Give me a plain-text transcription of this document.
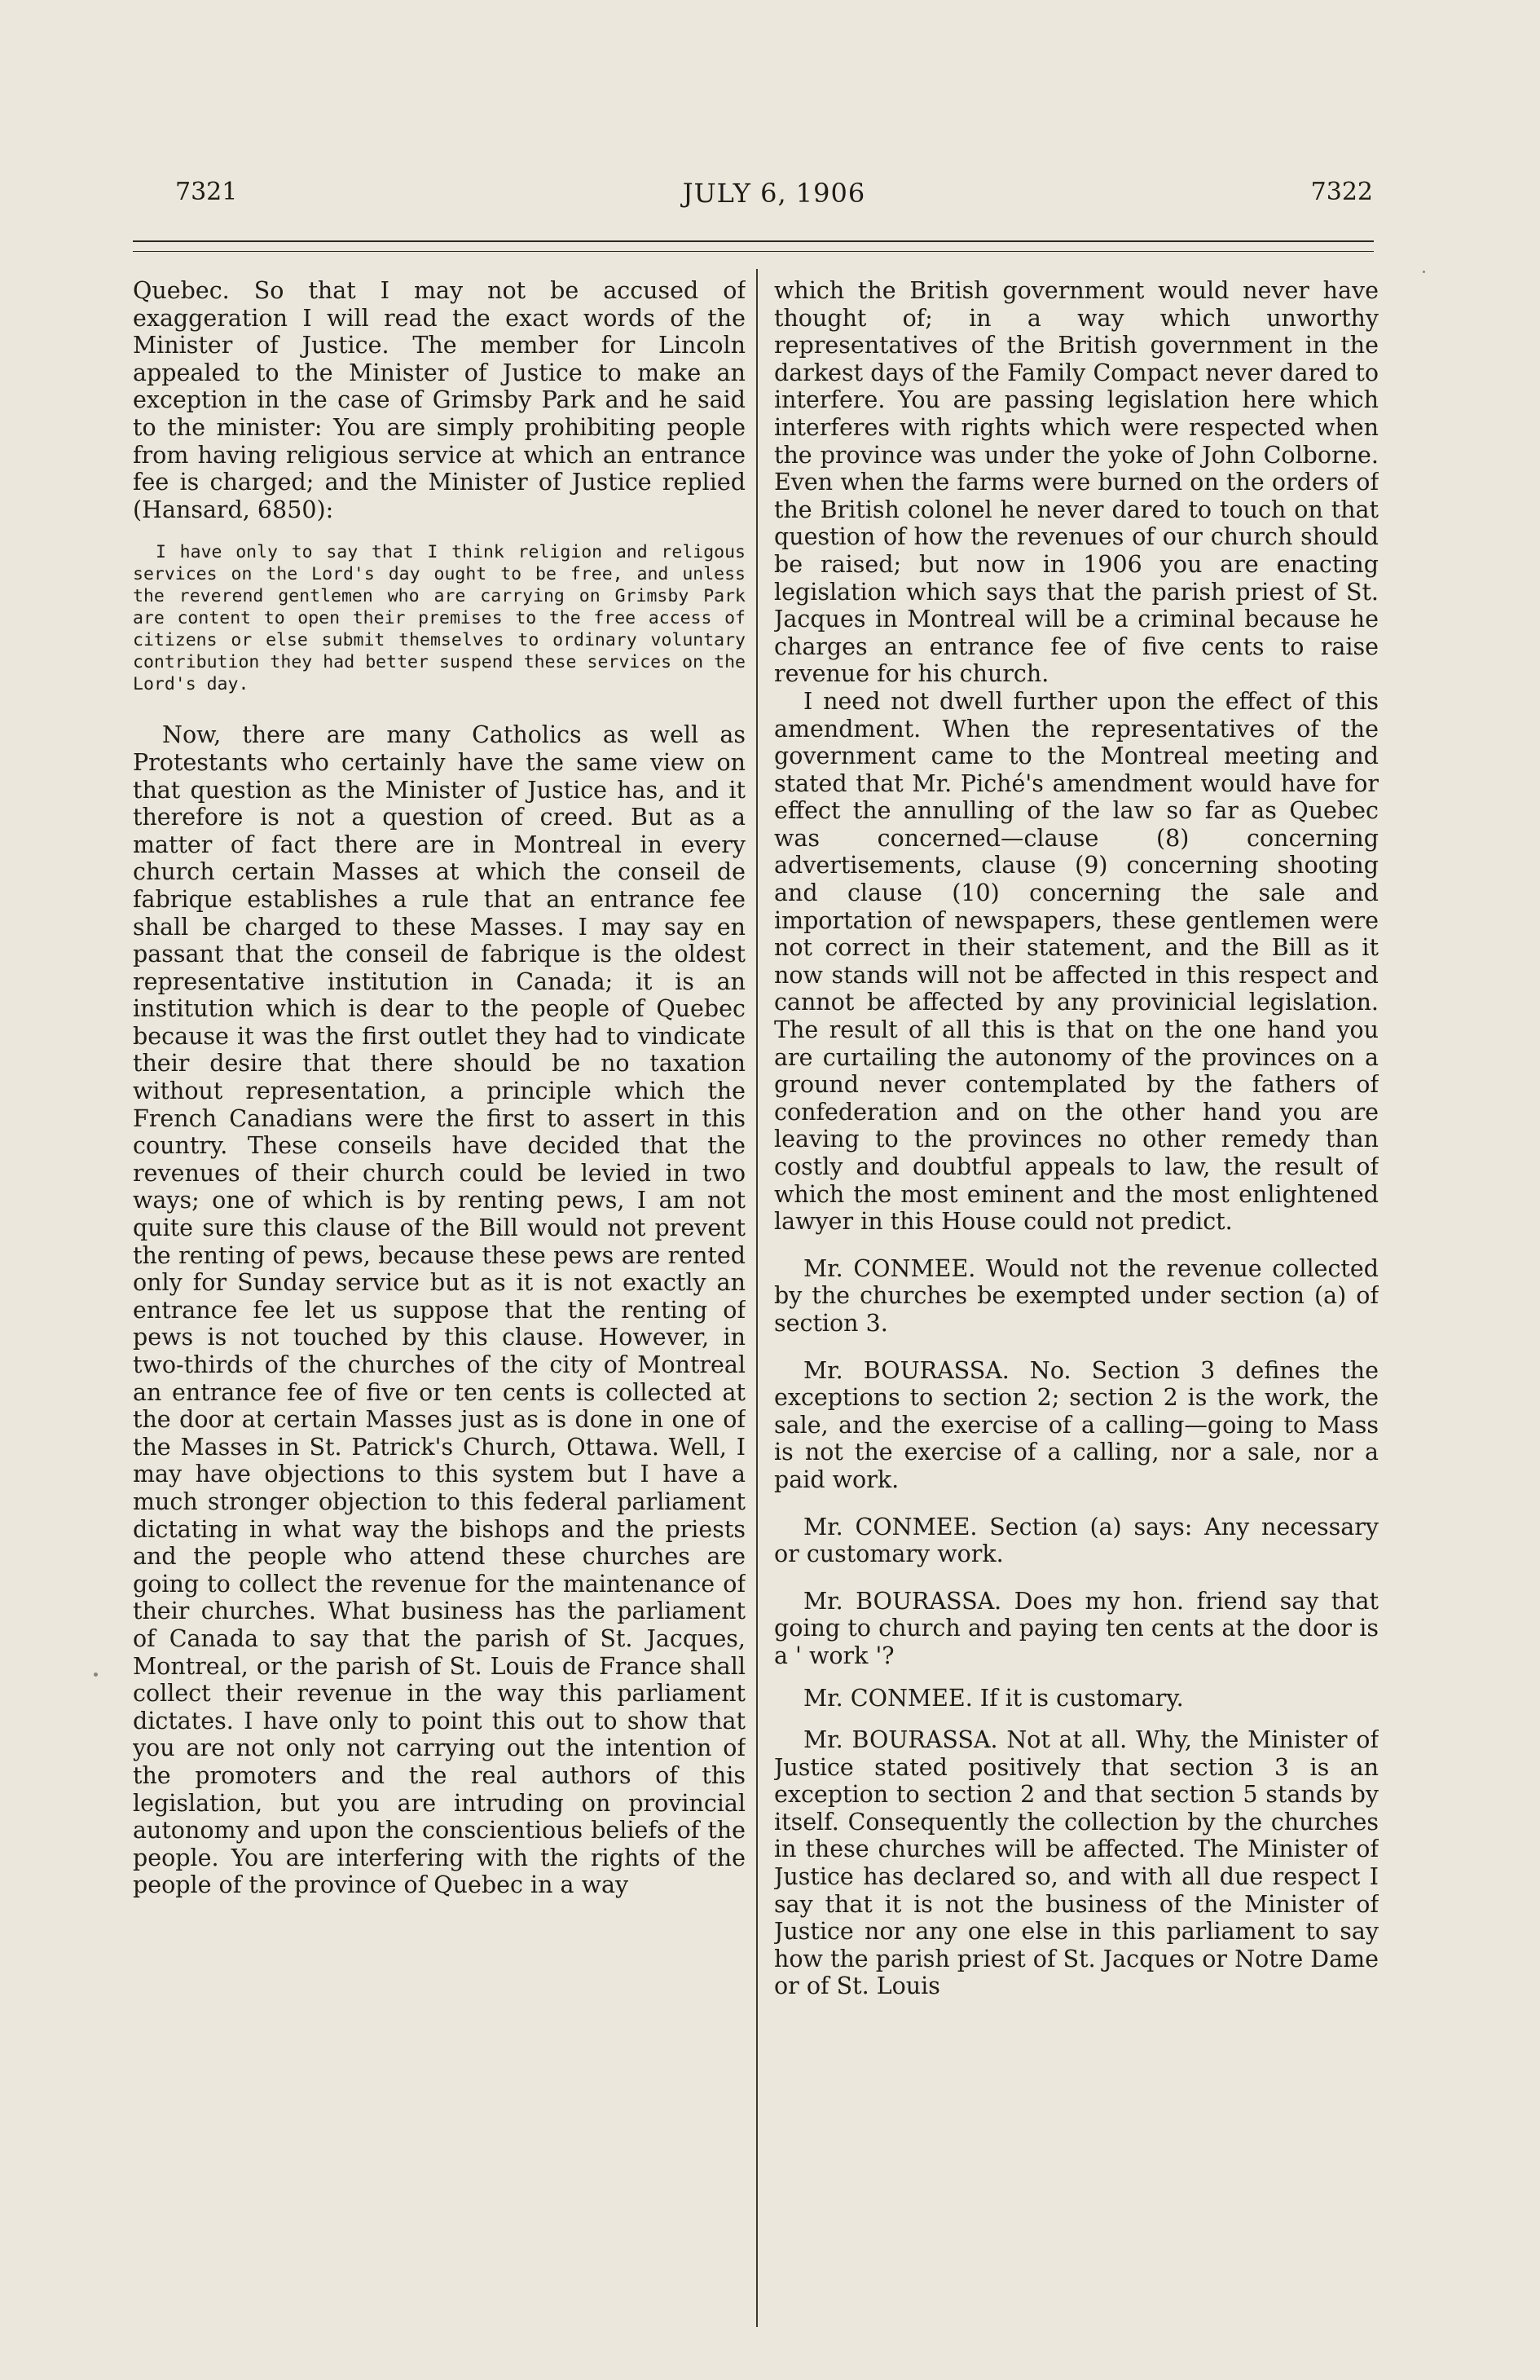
7321	JULY 6, 1906	7322

Quebec. So that I may not be accused of exaggeration I will read the exact words of the Minister of Justice. The member for Lincoln appealed to the Minister of Justice to make an exception in the case of Grimsby Park and he said to the minister: You are simply prohibiting people from having religious service at which an entrance fee is charged; and the Minister of Justice replied (Hansard, 6850):

I have only to say that I think religion and religous services on the Lord's day ought to be free, and unless the reverend gentlemen who are carrying on Grimsby Park are content to open their premises to the free access of citizens or else submit themselves to ordinary voluntary contribution they had better suspend these services on the Lord's day.

Now, there are many Catholics as well as Protestants who certainly have the same view on that question as the Minister of Justice has, and it therefore is not a question of creed. But as a matter of fact there are in Montreal in every church certain Masses at which the conseil de fabrique establishes a rule that an entrance fee shall be charged to these Masses. I may say en passant that the conseil de fabrique is the oldest representative institution in Canada; it is an institution which is dear to the people of Quebec because it was the first outlet they had to vindicate their desire that there should be no taxation without representation, a principle which the French Canadians were the first to assert in this country. These conseils have decided that the revenues of their church could be levied in two ways; one of which is by renting pews, I am not quite sure this clause of the Bill would not prevent the renting of pews, because these pews are rented only for Sunday service but as it is not exactly an entrance fee let us suppose that the renting of pews is not touched by this clause. However, in two-thirds of the churches of the city of Montreal an entrance fee of five or ten cents is collected at the door at certain Masses just as is done in one of the Masses in St. Patrick's Church, Ottawa. Well, I may have objections to this system but I have a much stronger objection to this federal parliament dictating in what way the bishops and the priests and the people who attend these churches are going to collect the revenue for the maintenance of their churches. What business has the parliament of Canada to say that the parish of St. Jacques, Montreal, or the parish of St. Louis de France shall collect their revenue in the way this parliament dictates. I have only to point this out to show that you are not only not carrying out the intention of the promoters and the real authors of this legislation, but you are intruding on provincial autonomy and upon the conscientious beliefs of the people. You are interfering with the rights of the people of the province of Quebec in a way

which the British government would never have thought of; in a way which unworthy representatives of the British government in the darkest days of the Family Compact never dared to interfere. You are passing legislation here which interferes with rights which were respected when the province was under the yoke of John Colborne. Even when the farms were burned on the orders of the British colonel he never dared to touch on that question of how the revenues of our church should be raised; but now in 1906 you are enacting legislation which says that the parish priest of St. Jacques in Montreal will be a criminal because he charges an entrance fee of five cents to raise revenue for his church.

I need not dwell further upon the effect of this amendment. When the representatives of the government came to the Montreal meeting and stated that Mr. Piché's amendment would have for effect the annulling of the law so far as Quebec was concerned—clause (8) concerning advertisements, clause (9) concerning shooting and clause (10) concerning the sale and importation of newspapers, these gentlemen were not correct in their statement, and the Bill as it now stands will not be affected in this respect and cannot be affected by any provinicial legislation. The result of all this is that on the one hand you are curtailing the autonomy of the provinces on a ground never contemplated by the fathers of confederation and on the other hand you are leaving to the provinces no other remedy than costly and doubtful appeals to law, the result of which the most eminent and the most enlightened lawyer in this House could not predict.

Mr. CONMEE. Would not the revenue collected by the churches be exempted under section (a) of section 3.

Mr. BOURASSA. No. Section 3 defines the exceptions to section 2; section 2 is the work, the sale, and the exercise of a calling—going to Mass is not the exercise of a calling, nor a sale, nor a paid work.

Mr. CONMEE. Section (a) says: Any necessary or customary work.

Mr. BOURASSA. Does my hon. friend say that going to church and paying ten cents at the door is a ' work '?

Mr. CONMEE. If it is customary.

Mr. BOURASSA. Not at all. Why, the Minister of Justice stated positively that section 3 is an exception to section 2 and that section 5 stands by itself. Consequently the collection by the churches in these churches will be affected. The Minister of Justice has declared so, and with all due respect I say that it is not the business of the Minister of Justice nor any one else in this parliament to say how the parish priest of St. Jacques or Notre Dame or of St. Louis
